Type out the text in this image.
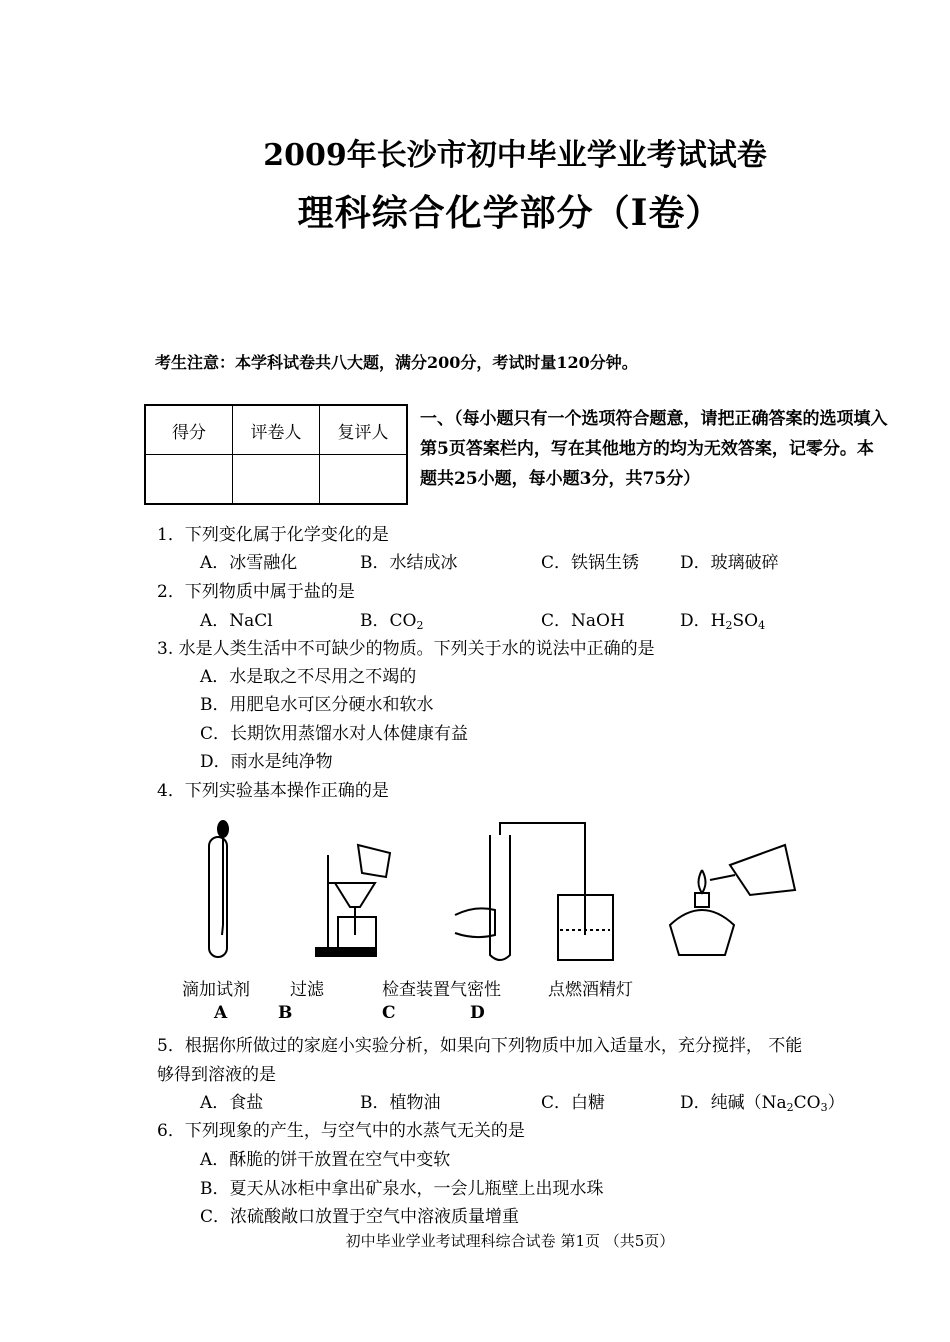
2009年长沙市初中毕业学业考试试卷
理科综合化学部分（Ⅰ卷）
考生注意：本学科试卷共八大题，满分200分，考试时量120分钟。
得分	评卷人	复评人

一、（每小题只有一个选项符合题意，请把正确答案的选项填入第5页答案栏内，写在其他地方的均为无效答案，记零分。本题共25小题，每小题3分，共75分）
1．下列变化属于化学变化的是
A．冰雪融化	B．水结成冰	C．铁锅生锈 D．玻璃破碎
2．下列物质中属于盐的是
A．NaCl	B．$CO_2$	C．NaOH	D．$H_2SO_4$
3. 水是人类生活中不可缺少的物质。下列关于水的说法中正确的是
A．水是取之不尽用之不竭的
B．用肥皂水可区分硬水和软水
C．长期饮用蒸馏水对人体健康有益
D．雨水是纯净物
4．下列实验基本操作正确的是
滴加试剂 过滤	检查装置气密性	点燃酒精灯
A	B	C	D
5．根据你所做过的家庭小实验分析，如果向下列物质中加入适量水，充分搅拌， 不能
够得到溶液的是
A．食盐	B．植物油	C．白糖	D．纯碱$(Na_2CO_3)$
6．下列现象的产生，与空气中的水蒸气无关的是
A．酥脆的饼干放置在空气中变软
B．夏天从冰柜中拿出矿泉水，一会儿瓶壁上出现水珠
C．浓硫酸敞口放置于空气中溶液质量增重
初中毕业学业考试理科综合试卷 第1页 （共5页）
